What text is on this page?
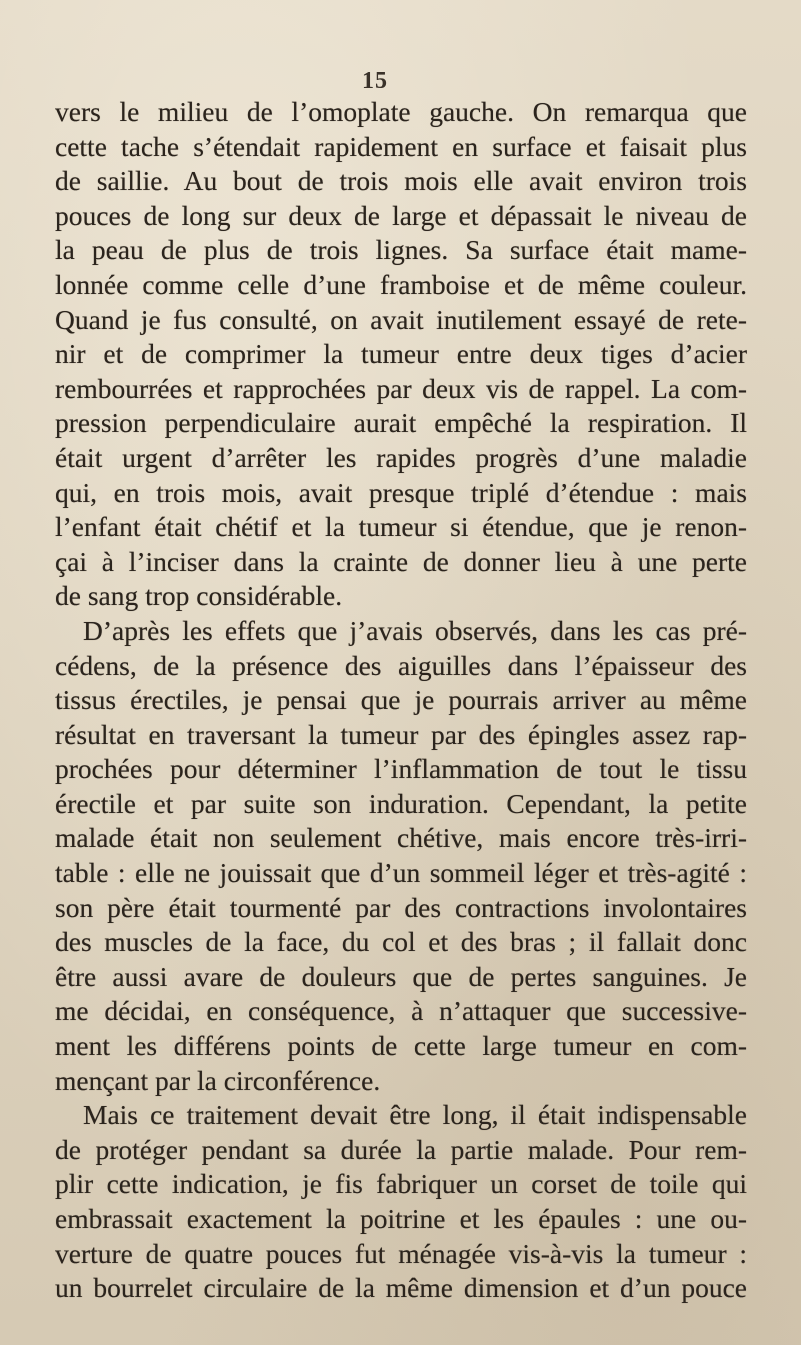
15
vers le milieu de l’omoplate gauche. On remarqua que
cette tache s’étendait rapidement en surface et faisait plus
de saillie. Au bout de trois mois elle avait environ trois
pouces de long sur deux de large et dépassait le niveau de
la peau de plus de trois lignes. Sa surface était mame-
lonnée comme celle d’une framboise et de même couleur.
Quand je fus consulté, on avait inutilement essayé de rete-
nir et de comprimer la tumeur entre deux tiges d’acier
rembourrées et rapprochées par deux vis de rappel. La com-
pression perpendiculaire aurait empêché la respiration. Il
était urgent d’arrêter les rapides progrès d’une maladie
qui, en trois mois, avait presque triplé d’étendue : mais
l’enfant était chétif et la tumeur si étendue, que je renon-
çai à l’inciser dans la crainte de donner lieu à une perte
de sang trop considérable.
D’après les effets que j’avais observés, dans les cas pré-
cédens, de la présence des aiguilles dans l’épaisseur des
tissus érectiles, je pensai que je pourrais arriver au même
résultat en traversant la tumeur par des épingles assez rap-
prochées pour déterminer l’inflammation de tout le tissu
érectile et par suite son induration. Cependant, la petite
malade était non seulement chétive, mais encore très-irri-
table : elle ne jouissait que d’un sommeil léger et très-agité :
son père était tourmenté par des contractions involontaires
des muscles de la face, du col et des bras ; il fallait donc
être aussi avare de douleurs que de pertes sanguines. Je
me décidai, en conséquence, à n’attaquer que successive-
ment les différens points de cette large tumeur en com-
mençant par la circonférence.
Mais ce traitement devait être long, il était indispensable
de protéger pendant sa durée la partie malade. Pour rem-
plir cette indication, je fis fabriquer un corset de toile qui
embrassait exactement la poitrine et les épaules : une ou-
verture de quatre pouces fut ménagée vis-à-vis la tumeur :
un bourrelet circulaire de la même dimension et d’un pouce
